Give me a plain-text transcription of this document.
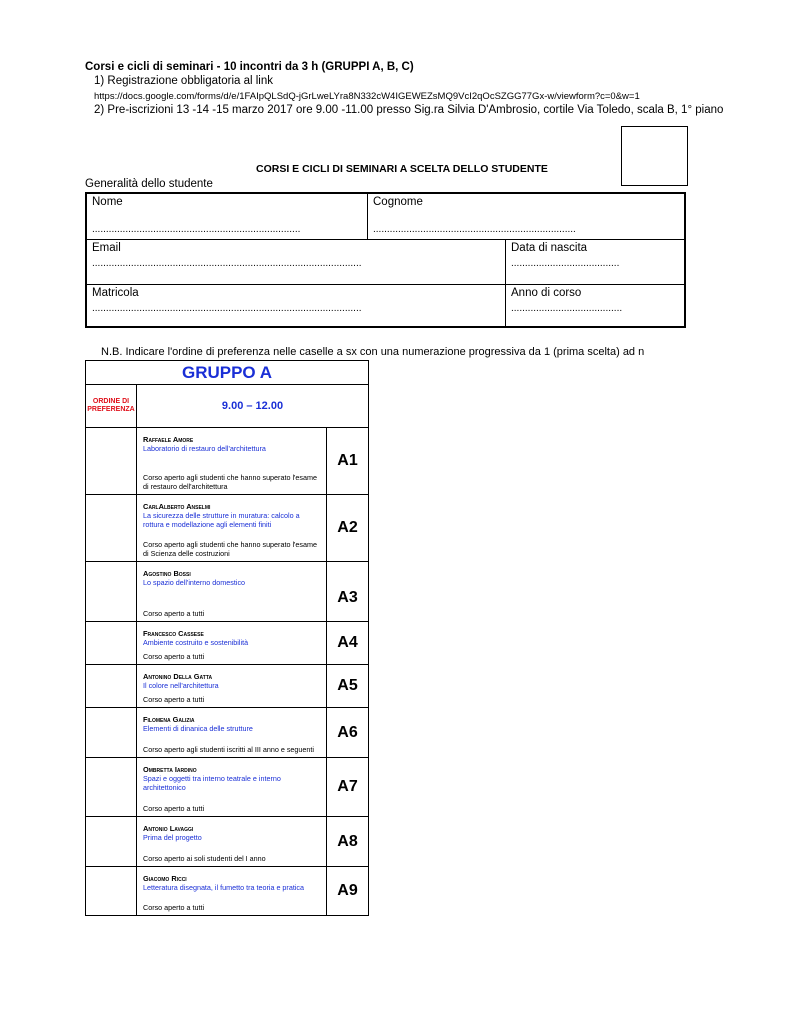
Corsi e cicli di seminari - 10 incontri da 3 h (GRUPPI A, B, C)
1) Registrazione obbligatoria al link
https://docs.google.com/forms/d/e/1FAIpQLSdQ-jGrLweLYra8N332cW4IGEWEZsMQ9VcI2qOcSZGG77Gx-w/viewform?c=0&w=1
2) Pre-iscrizioni 13 -14 -15 marzo 2017 ore 9.00 -11.00 presso Sig.ra Silvia D'Ambrosio, cortile Via Toledo, scala B, 1° piano
CORSI E CICLI DI SEMINARI A SCELTA DELLO STUDENTE
Generalità dello studente
Nome
...........................................................................
Cognome
.........................................................................
Email
.................................................................................................
Data di nascita
.......................................
Matricola
.................................................................................................
Anno di corso
........................................
N.B. Indicare l'ordine di preferenza nelle caselle a sx con una numerazione progressiva da 1 (prima scelta) ad n
GRUPPO A		
ORDINE DI PREFERENZA	9.00 – 12.00	

	Raffaele Amore
Laboratorio di restauro dell'architettura
Corso aperto agli studenti che hanno superato l'esame di restauro dell'architettura	A1

	CarlAlberto Anselmi
La sicurezza delle strutture in muratura: calcolo a rottura e modellazione agli elementi finiti
Corso aperto agli studenti che hanno superato l'esame di Scienza delle costruzioni	A2

	Agostino Bossi
Lo spazio dell'interno domestico
Corso aperto a tutti	A3

	Francesco Cassese
Ambiente costruito e sostenibilità
Corso aperto a tutti	A4

	Antonino Della Gatta
Il colore nell'architettura
Corso aperto a tutti	A5

	Filomena Galizia
Elementi di dinanica delle strutture
Corso aperto agli studenti iscritti al III anno e seguenti	A6

	Ombretta Iardino
Spazi e oggetti tra interno teatrale e interno architettonico
Corso aperto a tutti	A7

	Antonio Lavaggi
Prima del progetto
Corso aperto ai soli studenti del I anno	A8

	Giacomo Ricci
Letteratura disegnata, il fumetto tra teoria e pratica
Corso aperto a tutti	A9
